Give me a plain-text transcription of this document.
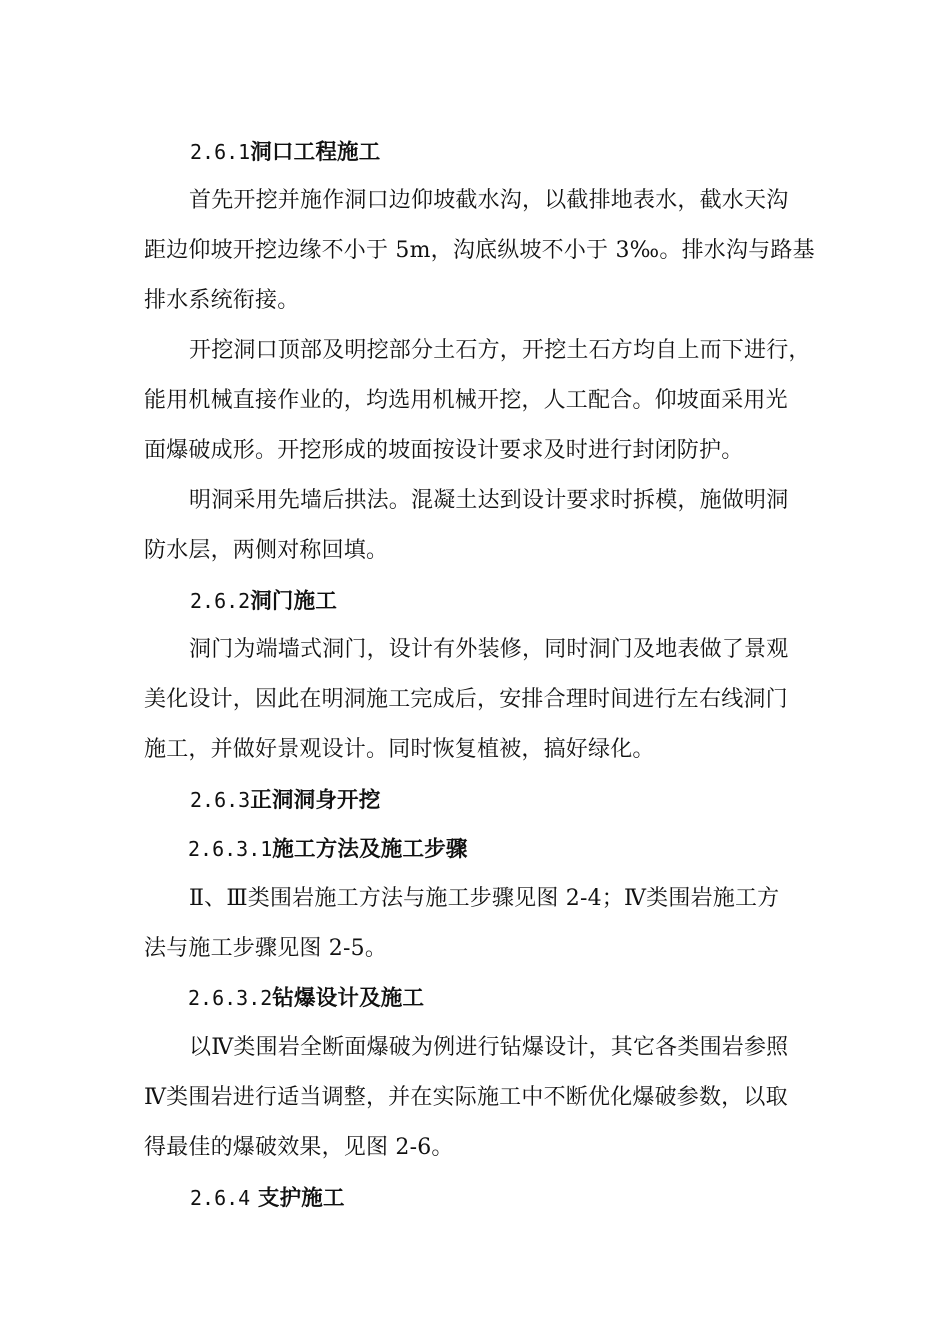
2.6.1洞口工程施工
首先开挖并施作洞口边仰坡截水沟，以截排地表水，截水天沟
距边仰坡开挖边缘不小于 5m，沟底纵坡不小于 3‰。排水沟与路基
排水系统衔接。
开挖洞口顶部及明挖部分土石方，开挖土石方均自上而下进行，
能用机械直接作业的，均选用机械开挖，人工配合。仰坡面采用光
面爆破成形。开挖形成的坡面按设计要求及时进行封闭防护。
明洞采用先墙后拱法。混凝土达到设计要求时拆模，施做明洞
防水层，两侧对称回填。
2.6.2洞门施工
洞门为端墙式洞门，设计有外装修，同时洞门及地表做了景观
美化设计，因此在明洞施工完成后，安排合理时间进行左右线洞门
施工，并做好景观设计。同时恢复植被，搞好绿化。
2.6.3正洞洞身开挖
2.6.3.1施工方法及施工步骤
Ⅱ、Ⅲ类围岩施工方法与施工步骤见图 2-4；Ⅳ类围岩施工方
法与施工步骤见图 2-5。
2.6.3.2钻爆设计及施工
以Ⅳ类围岩全断面爆破为例进行钻爆设计，其它各类围岩参照
Ⅳ类围岩进行适当调整，并在实际施工中不断优化爆破参数，以取
得最佳的爆破效果，见图 2-6。
2.6.4 支护施工
